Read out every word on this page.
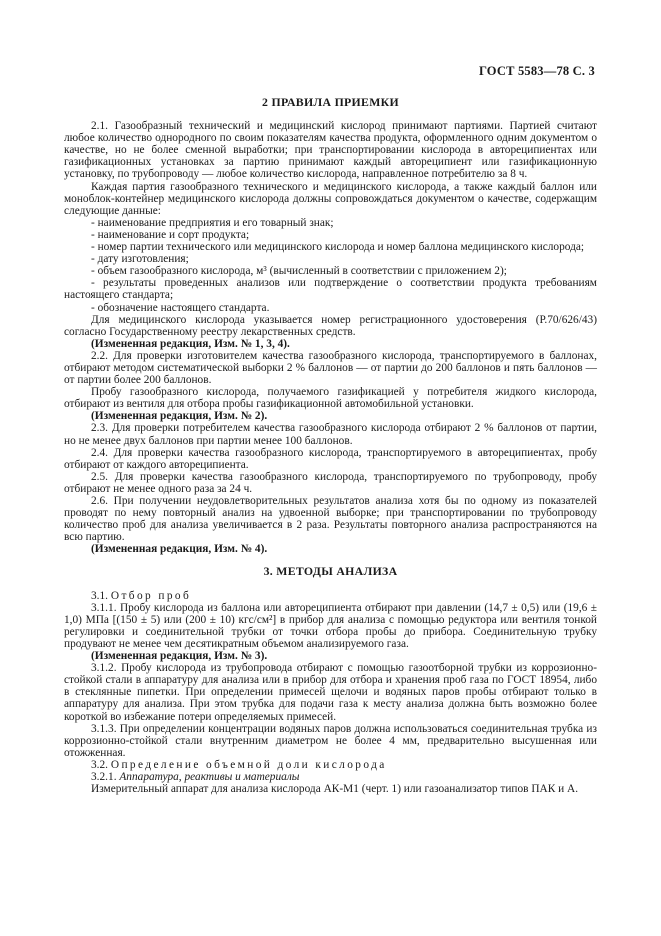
ГОСТ 5583—78 С. 3
2 ПРАВИЛА ПРИЕМКИ

2.1. Газообразный технический и медицинский кислород принимают партиями. Партией считают любое количество однородного по своим показателям качества продукта, оформленного одним документом о качестве, но не более сменной выработки; при транспортировании кислорода в автореципиентах или газификационных установках за партию принимают каждый автореципиент или газификационную установку, по трубопроводу — любое количество кислорода, направленное потребителю за 8 ч.

Каждая партия газообразного технического и медицинского кислорода, а также каждый баллон или моноблок-контейнер медицинского кислорода должны сопровождаться документом о качестве, содержащим следующие данные:

- наименование предприятия и его товарный знак;

- наименование и сорт продукта;

- номер партии технического или медицинского кислорода и номер баллона медицинского кислорода;

- дату изготовления;

- объем газообразного кислорода, м³ (вычисленный в соответствии с приложением 2);

- результаты проведенных анализов или подтверждение о соответствии продукта требованиям настоящего стандарта;

- обозначение настоящего стандарта.

Для медицинского кислорода указывается номер регистрационного удостоверения (Р.70/626/43) согласно Государственному реестру лекарственных средств.

(Измененная редакция, Изм. № 1, 3, 4).

2.2. Для проверки изготовителем качества газообразного кислорода, транспортируемого в баллонах, отбирают методом систематической выборки 2 % баллонов — от партии до 200 баллонов и пять баллонов — от партии более 200 баллонов.

Пробу газообразного кислорода, получаемого газификацией у потребителя жидкого кислорода, отбирают из вентиля для отбора пробы газификационной автомобильной установки.

(Измененная редакция, Изм. № 2).

2.3. Для проверки потребителем качества газообразного кислорода отбирают 2 % баллонов от партии, но не менее двух баллонов при партии менее 100 баллонов.

2.4. Для проверки качества газообразного кислорода, транспортируемого в автореципиентах, пробу отбирают от каждого автореципиента.

2.5. Для проверки качества газообразного кислорода, транспортируемого по трубопроводу, пробу отбирают не менее одного раза за 24 ч.

2.6. При получении неудовлетворительных результатов анализа хотя бы по одному из показателей проводят по нему повторный анализ на удвоенной выборке; при транспортировании по трубопроводу количество проб для анализа увеличивается в 2 раза. Результаты повторного анализа распространяются на всю партию.

(Измененная редакция, Изм. № 4).

3. МЕТОДЫ АНАЛИЗА

3.1. Отбор проб

3.1.1. Пробу кислорода из баллона или автореципиента отбирают при давлении (14,7 ± 0,5) или (19,6 ± 1,0) МПа [(150 ± 5) или (200 ± 10) кгс/см²] в прибор для анализа с помощью редуктора или вентиля тонкой регулировки и соединительной трубки от точки отбора пробы до прибора. Соединительную трубку продувают не менее чем десятикратным объемом анализируемого газа.

(Измененная редакция, Изм. № 3).

3.1.2. Пробу кислорода из трубопровода отбирают с помощью газоотборной трубки из коррозионно-стойкой стали в аппаратуру для анализа или в прибор для отбора и хранения проб газа по ГОСТ 18954, либо в стеклянные пипетки. При определении примесей щелочи и водяных паров пробы отбирают только в аппаратуру для анализа. При этом трубка для подачи газа к месту анализа должна быть возможно более короткой во избежание потери определяемых примесей.

3.1.3. При определении концентрации водяных паров должна использоваться соединительная трубка из коррозионно-стойкой стали внутренним диаметром не более 4 мм, предварительно высушенная или отожженная.

3.2. Определение объемной доли кислорода

3.2.1. Аппаратура, реактивы и материалы

Измерительный аппарат для анализа кислорода АК-М1 (черт. 1) или газоанализатор типов ПАК и А.
